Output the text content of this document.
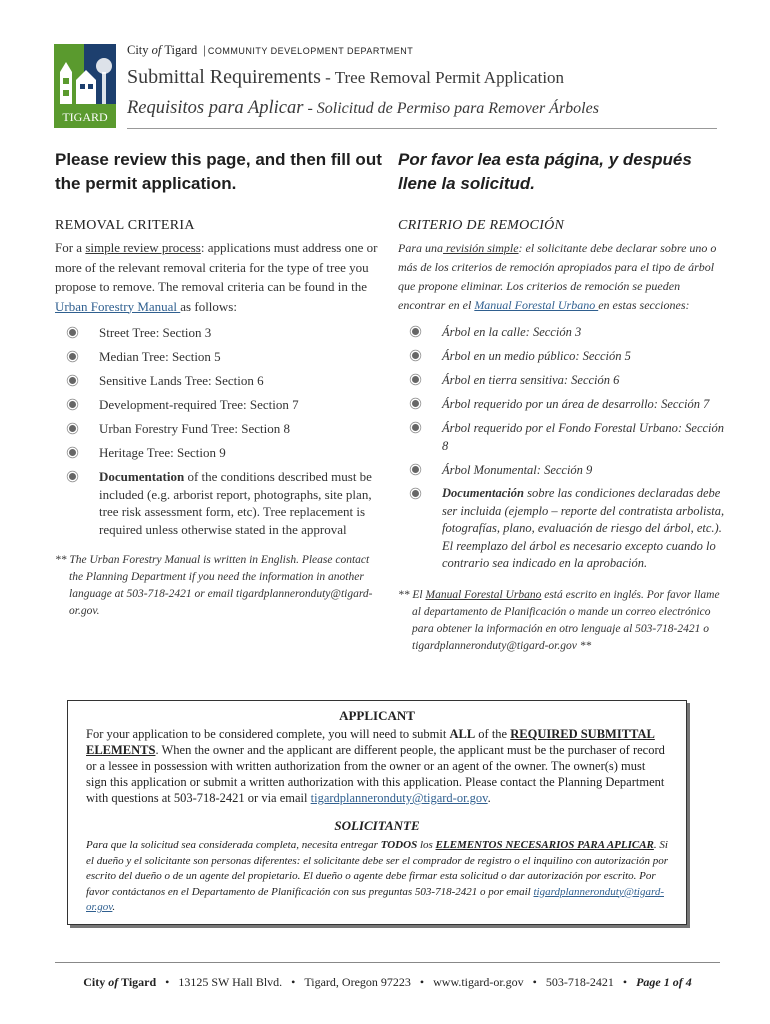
TIGARD
City of Tigard | COMMUNITY DEVELOPMENT DEPARTMENT
Submittal Requirements - Tree Removal Permit Application
Requisitos para Aplicar - Solicitud de Permiso para Remover Árboles
Please review this page, and then fill out the permit application.
REMOVAL CRITERIA
For a simple review process: applications must address one or more of the relevant removal criteria for the type of tree you propose to remove. The removal criteria can be found in the Urban Forestry Manual as follows:
Street Tree: Section 3
Median Tree: Section 5
Sensitive Lands Tree: Section 6
Development-required Tree: Section 7
Urban Forestry Fund Tree: Section 8
Heritage Tree: Section 9
Documentation of the conditions described must be included (e.g. arborist report, photographs, site plan, tree risk assessment form, etc). Tree replacement is required unless otherwise stated in the approval
** The Urban Forestry Manual is written in English. Please contact the Planning Department if you need the information in another language at 503-718-2421 or email tigardplanneronduty@tigard-or.gov.
Por favor lea esta página, y después llene la solicitud.
CRITERIO DE REMOCIÓN
Para una revisión simple: el solicitante debe declarar sobre uno o más de los criterios de remoción apropiados para el tipo de árbol que propone eliminar. Los criterios de remoción se pueden encontrar en el Manual Forestal Urbano en estas secciones:
Árbol en la calle: Sección 3
Árbol en un medio público: Sección 5
Árbol en tierra sensitiva: Sección 6
Árbol requerido por un área de desarrollo: Sección 7
Árbol requerido por el Fondo Forestal Urbano: Sección 8
Árbol Monumental: Sección 9
Documentación sobre las condiciones declaradas debe ser incluida (ejemplo – reporte del contratista arbolista, fotografías, plano, evaluación de riesgo del árbol, etc.). El reemplazo del árbol es necesario excepto cuando lo contrario sea indicado en la aprobación.
** El Manual Forestal Urbano está escrito en inglés. Por favor llame al departamento de Planificación o mande un correo electrónico para obtener la información en otro lenguaje al 503-718-2421 o tigardplanneronduty@tigard-or.gov **
APPLICANT
For your application to be considered complete, you will need to submit ALL of the REQUIRED SUBMITTAL ELEMENTS. When the owner and the applicant are different people, the applicant must be the purchaser of record or a lessee in possession with written authorization from the owner or an agent of the owner. The owner(s) must sign this application or submit a written authorization with this application. Please contact the Planning Department with questions at 503-718-2421 or via email tigardplanneronduty@tigard-or.gov.
SOLICITANTE
Para que la solicitud sea considerada completa, necesita entregar TODOS los ELEMENTOS NECESARIOS PARA APLICAR. Si el dueño y el solicitante son personas diferentes: el solicitante debe ser el comprador de registro o el inquilino con autorización por escrito del dueño o de un agente del propietario. El dueño o agente debe firmar esta solicitud o dar autorización por escrito. Por favor contáctanos en el Departamento de Planificación con sus preguntas 503-718-2421 o por email tigardplanneronduty@tigard-or.gov.
City of Tigard • 13125 SW Hall Blvd. • Tigard, Oregon 97223 • www.tigard-or.gov • 503-718-2421 • Page 1 of 4
